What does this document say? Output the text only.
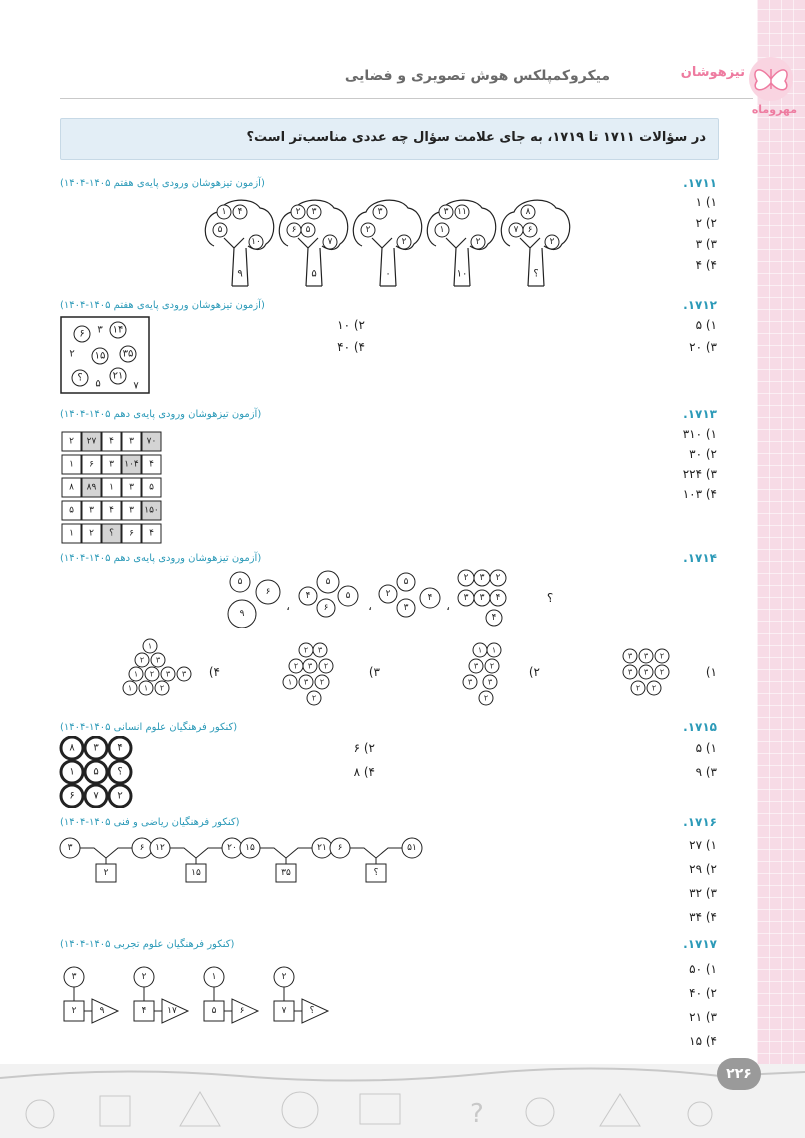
مهروماه
تیزهوشان
میکروکمپلکس هوش تصویری و فضایی
در سؤالات ۱۷۱۱ تا ۱۷۱۹، به جای علامت سؤال چه عددی مناسب‌تر است؟
.۱۷۱۱
(آزمون تیزهوشان ورودی پایه‌ی هفتم ۱۴۰۵-۱۴۰۴)
۱) ۱
۲) ۲
۳) ۳
۴) ۴
۱ ۴
۵
۱۰
۹
۲ ۳
۶ ۵
۷
۵
۳
۲
۲
۰
۳ ۱۱
۱
۲
۱۰
۸
۷ ۶
۲
؟
.۱۷۱۲
(آزمون تیزهوشان ورودی پایه‌ی هفتم ۱۴۰۵-۱۴۰۴)
۱) ۵
۲) ۱۰
۳) ۲۰
۴) ۴۰
۶ ۳ ۱۴
۲ ۱۵ ۳۵
؟	۲۱
۵	۷
.۱۷۱۳
(آزمون تیزهوشان ورودی پایه‌ی دهم ۱۴۰۵-۱۴۰۴)
۱) ۳۱۰
۲) ۳۰
۳) ۲۲۴
۴) ۱۰۳
۲ ۲۷ ۴ ۳ ۷۰
۱ ۶ ۳ ۱۰۴ ۴
۸ ۸۹ ۱ ۳ ۵
۵ ۳ ۴ ۳ ۱۵۰
۱ ۲ ؟ ۶ ۴
.۱۷۱۴
(آزمون تیزهوشان ورودی پایه‌ی دهم ۱۴۰۵-۱۴۰۴)
۵
۶
۹
،
۴
۵
۵
۶	،
۲
۵
۴
۳	،
۲ ۳ ۲
۳ ۳ ۴
۴
؟
۱)
۲)
۳)
۴)
۳ ۳ ۲
۳ ۳ ۲
۲ ۲
۱ ۱
۳ ۲
۳ ۳
۲
۲ ۳
۲ ۳ ۲
۱ ۳ ۲
۲
۱
۲ ۳
۱ ۲ ۳ ۳
۱ ۱ ۲
.۱۷۱۵
(کنکور فرهنگیان علوم انسانی ۱۴۰۵-۱۴۰۴)
۱) ۵
۲) ۶
۳) ۹
۴) ۸
۸ ۳ ۴
۱ ۵ ؟
۶ ۷ ۲
.۱۷۱۶
(کنکور فرهنگیان ریاضی و فنی ۱۴۰۵-۱۴۰۴)
۱) ۲۷
۲) ۲۹
۳) ۳۲
۴) ۳۴
۳	۶
۲
۱۲	۲۰
۱۵
۱۵	۲۱
۳۵
۶	۵۱
؟
.۱۷۱۷
(کنکور فرهنگیان علوم تجربی ۱۴۰۵-۱۴۰۴)
۱) ۵۰
۲) ۴۰
۳) ۲۱
۴) ۱۵
۳
۲	۹
۲
۴ ۱۷
۱
۵	۶
۲
۷	؟
?
۲۲۶
